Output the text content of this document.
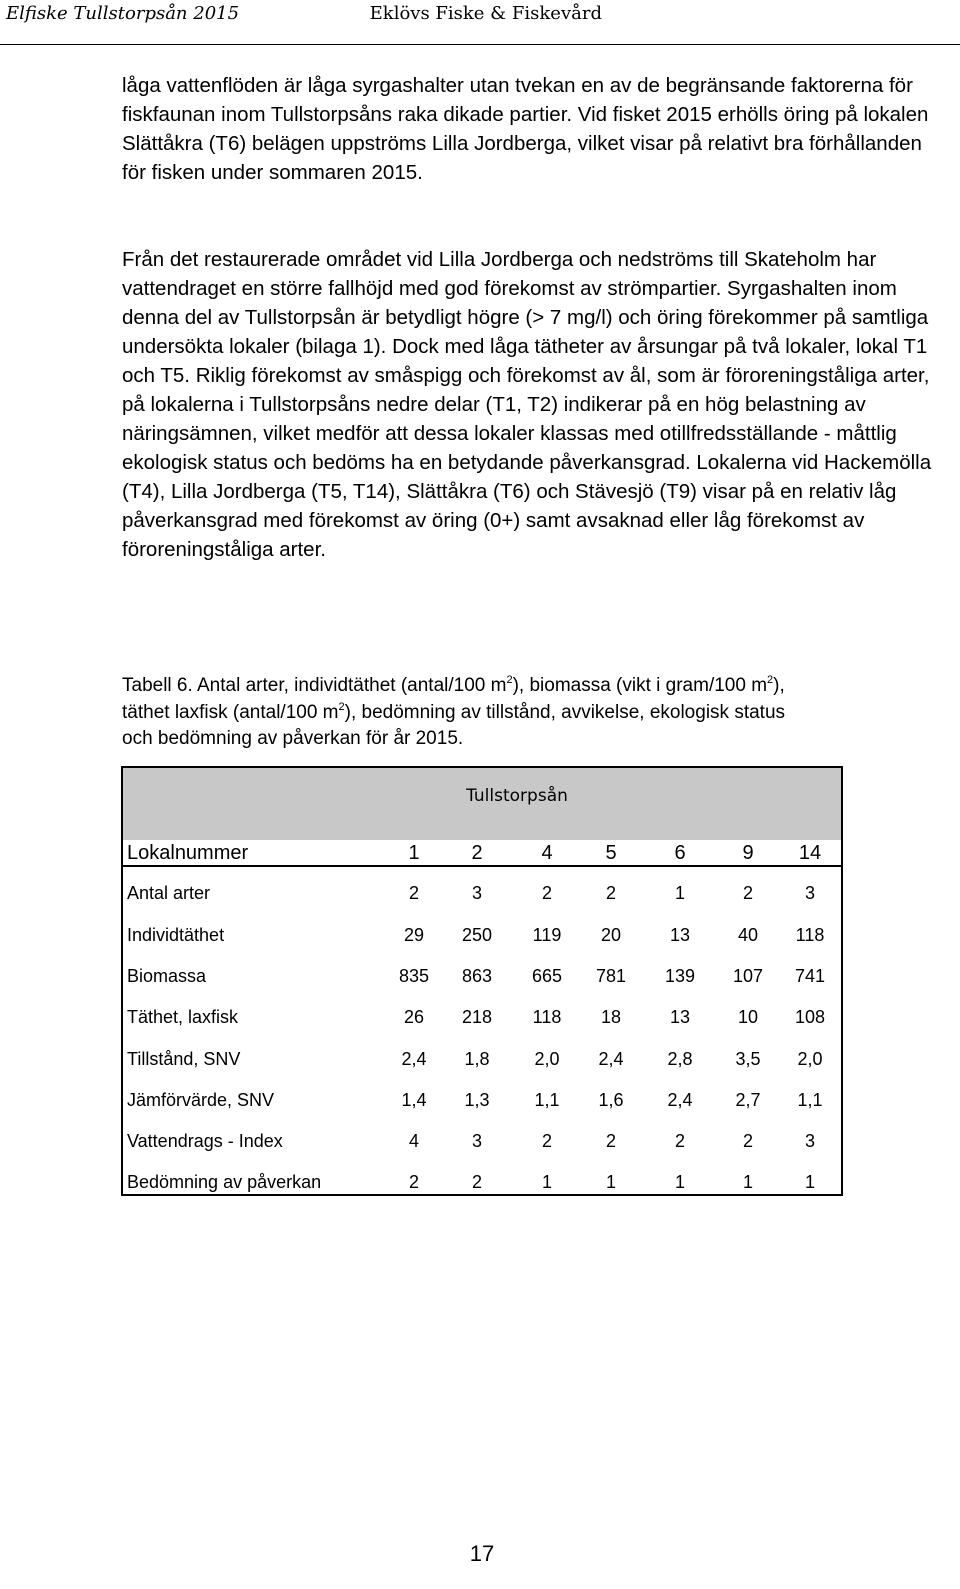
Elfiske Tullstorpsån 2015	Eklövs Fiske & Fiskevård

låga vattenflöden är låga syrgashalter utan tvekan en av de begränsande faktorerna för fiskfaunan inom Tullstorpsåns raka dikade partier. Vid fisket 2015 erhölls öring på lokalen Slättåkra (T6) belägen uppströms Lilla Jordberga, vilket visar på relativt bra förhållanden för fisken under sommaren 2015.

Från det restaurerade området vid Lilla Jordberga och nedströms till Skateholm har vattendraget en större fallhöjd med god förekomst av strömpartier. Syrgashalten inom denna del av Tullstorpsån är betydligt högre (> 7 mg/l) och öring förekommer på samtliga undersökta lokaler (bilaga 1). Dock med låga tätheter av årsungar på två lokaler, lokal T1 och T5. Riklig förekomst av småspigg och förekomst av ål, som är föroreningståliga arter, på lokalerna i Tullstorpsåns nedre delar (T1, T2) indikerar på en hög belastning av näringsämnen, vilket medför att dessa lokaler klassas med otillfredsställande - måttlig ekologisk status och bedöms ha en betydande påverkansgrad. Lokalerna vid Hackemölla (T4), Lilla Jordberga (T5, T14), Slättåkra (T6) och Stävesjö (T9) visar på en relativ låg påverkansgrad med förekomst av öring (0+) samt avsaknad eller låg förekomst av föroreningståliga arter.

Tabell 6. Antal arter, individtäthet (antal/100 $m^2$), biomassa (vikt i gram/100 $m^2$),
täthet laxfisk (antal/100 $m^2$), bedömning av tillstånd, avvikelse, ekologisk status
och bedömning av påverkan för år 2015.

Tullstorpsån
Lokalnummer	1	2	4	5	6	9	14
Antal arter	2	3	2	2	1	2	3
Individtäthet	29	250	119	20	13	40	118
Biomassa	835	863	665	781	139	107	741
Täthet, laxfisk	26	218	118	18	13	10	108
Tillstånd, SNV	2,4	1,8	2,0	2,4	2,8	3,5	2,0
Jämförvärde, SNV	1,4	1,3	1,1	1,6	2,4	2,7	1,1
Vattendrags - Index	4	3	2	2	2	2	3
Bedömning av påverkan	2	2	1	1	1	1	1
17
